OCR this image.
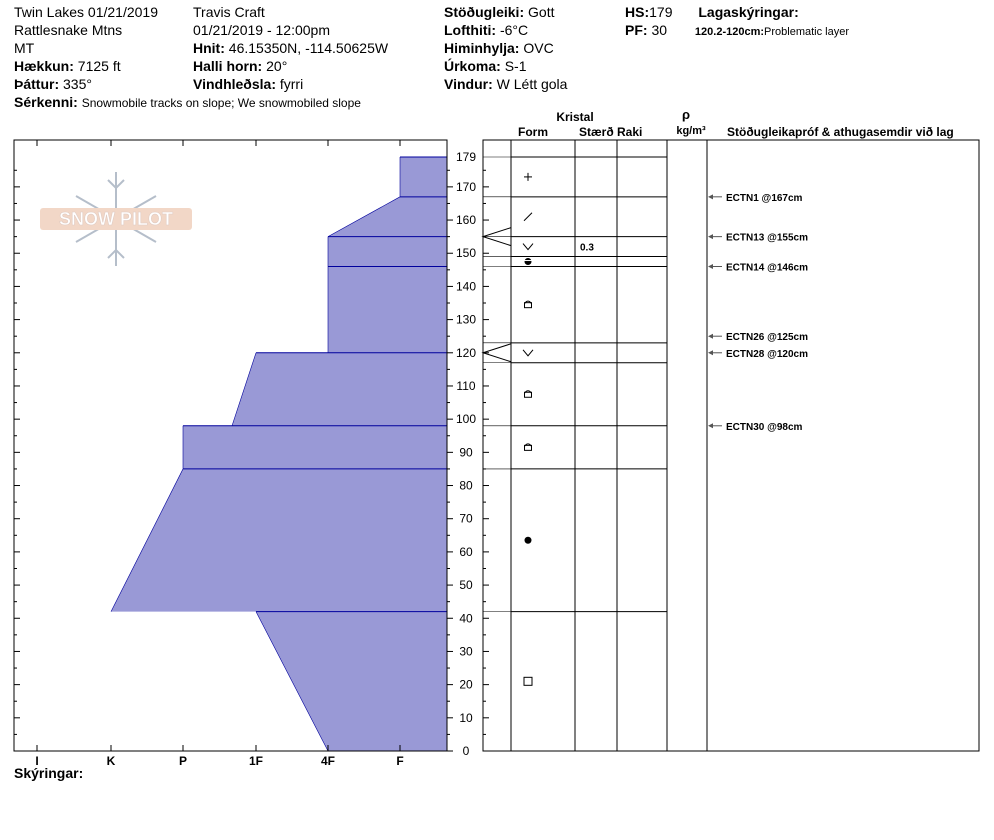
Twin Lakes 01/21/2019
Rattlesnake Mtns
MT
Hækkun: 7125 ft
Þáttur: 335°
Sérkenni: Snowmobile tracks on slope; We snowmobiled slope
Travis Craft
01/21/2019 - 12:00pm
Hnit: 46.15350N, -114.50625W
Halli horn: 20°
Vindhleðsla: fyrri
Stöðugleiki: Gott
Lofthiti: -6°C
Himinhylja: OVC
Úrkoma: S-1
Vindur: W Létt gola
HS:179 Lagaskýringar:
PF: 30	120.2-120cm:Problematic layer
I	K	P	1F	4F	F
0
10
20
30
40
50
60
70
80
90
100
110
120
130
140
150
160
170
179
SNOW PILOT
Kristal
Form	Stærð Raki
ρ
kg/m³ Stöðugleikapróf & athugasemdir við lag
0.3
ECTN1 @167cm
ECTN13 @155cm
ECTN14 @146cm
ECTN26 @125cm
ECTN28 @120cm
ECTN30 @98cm
Skýringar:
